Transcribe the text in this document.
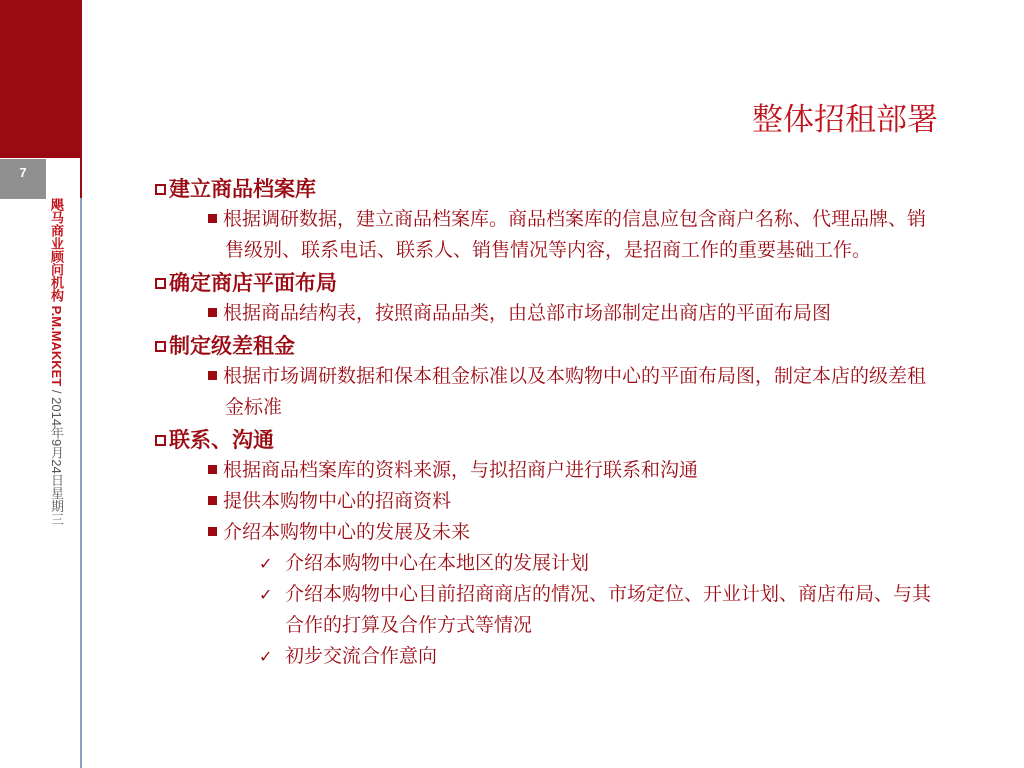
7
飓马商业顾问机构 P.M.MAKKET / 2014年9月24日星期三
整体招租部署
建立商品档案库

根据调研数据，建立商品档案库。商品档案库的信息应包含商户名称、代理品牌、销售级别、联系电话、联系人、销售情况等内容，是招商工作的重要基础工作。

确定商店平面布局

根据商品结构表，按照商品品类，由总部市场部制定出商店的平面布局图

制定级差租金

根据市场调研数据和保本租金标准以及本购物中心的平面布局图，制定本店的级差租金标准

联系、沟通

根据商品档案库的资料来源，与拟招商户进行联系和沟通

提供本购物中心的招商资料

介绍本购物中心的发展及未来

✓ 介绍本购物中心在本地区的发展计划

✓ 介绍本购物中心目前招商商店的情况、市场定位、开业计划、商店布局、与其合作的打算及合作方式等情况

✓ 初步交流合作意向
